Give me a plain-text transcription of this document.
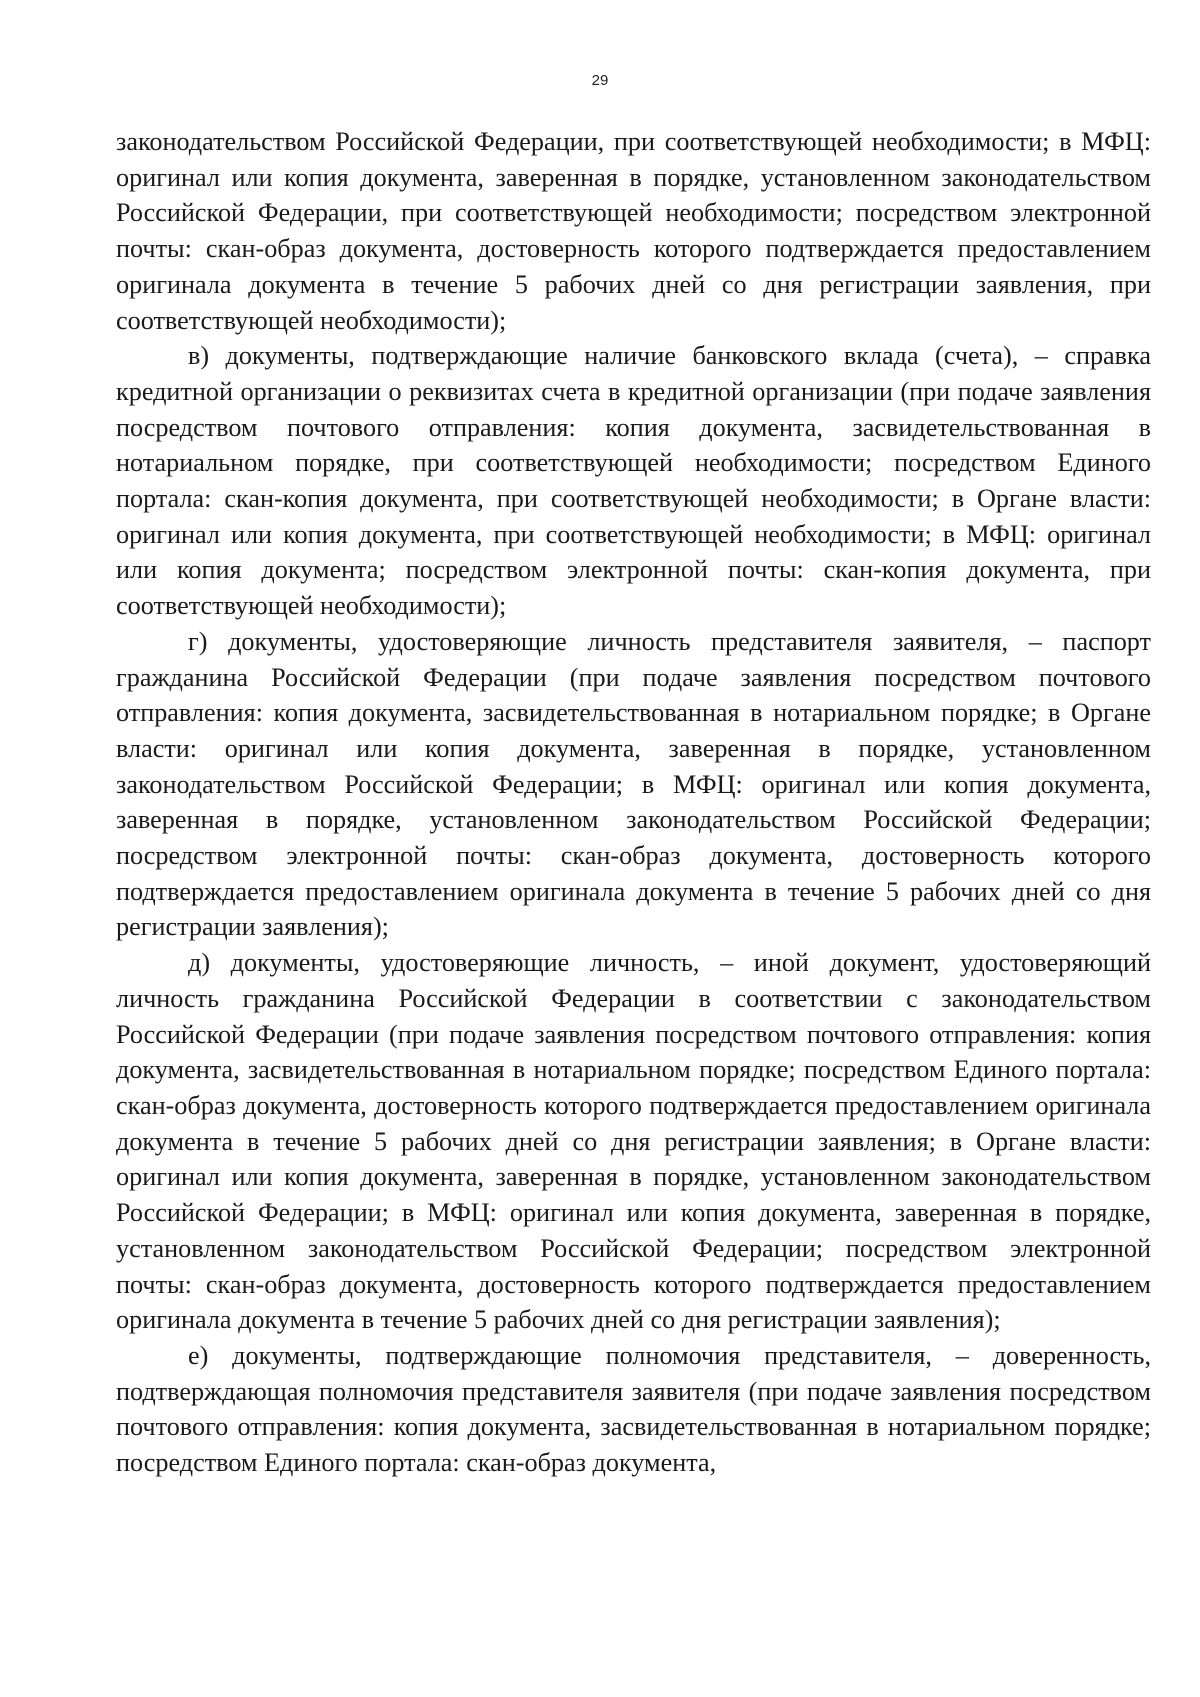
29

законодательством Российской Федерации, при соответствующей необходимости; в МФЦ: оригинал или копия документа, заверенная в порядке, установленном законодательством Российской Федерации, при соответствующей необходимости; посредством электронной почты: скан-образ документа, достоверность которого подтверждается предоставлением оригинала документа в течение 5 рабочих дней со дня регистрации заявления, при соответствующей необходимости);

в) документы, подтверждающие наличие банковского вклада (счета), – справка кредитной организации о реквизитах счета в кредитной организации (при подаче заявления посредством почтового отправления: копия документа, засвидетельствованная в нотариальном порядке, при соответствующей необходимости; посредством Единого портала: скан-копия документа, при соответствующей необходимости; в Органе власти: оригинал или копия документа, при соответствующей необходимости; в МФЦ: оригинал или копия документа; посредством электронной почты: скан-копия документа, при соответствующей необходимости);

г) документы, удостоверяющие личность представителя заявителя, – паспорт гражданина Российской Федерации (при подаче заявления посредством почтового отправления: копия документа, засвидетельствованная в нотариальном порядке; в Органе власти: оригинал или копия документа, заверенная в порядке, установленном законодательством Российской Федерации; в МФЦ: оригинал или копия документа, заверенная в порядке, установленном законодательством Российской Федерации; посредством электронной почты: скан-образ документа, достоверность которого подтверждается предоставлением оригинала документа в течение 5 рабочих дней со дня регистрации заявления);

д) документы, удостоверяющие личность, – иной документ, удостоверяющий личность гражданина Российской Федерации в соответствии с законодательством Российской Федерации (при подаче заявления посредством почтового отправления: копия документа, засвидетельствованная в нотариальном порядке; посредством Единого портала: скан-образ документа, достоверность которого подтверждается предоставлением оригинала документа в течение 5 рабочих дней со дня регистрации заявления; в Органе власти: оригинал или копия документа, заверенная в порядке, установленном законодательством Российской Федерации; в МФЦ: оригинал или копия документа, заверенная в порядке, установленном законодательством Российской Федерации; посредством электронной почты: скан-образ документа, достоверность которого подтверждается предоставлением оригинала документа в течение 5 рабочих дней со дня регистрации заявления);

е) документы, подтверждающие полномочия представителя, – доверенность, подтверждающая полномочия представителя заявителя (при подаче заявления посредством почтового отправления: копия документа, засвидетельствованная в нотариальном порядке; посредством Единого портала: скан-образ документа,
